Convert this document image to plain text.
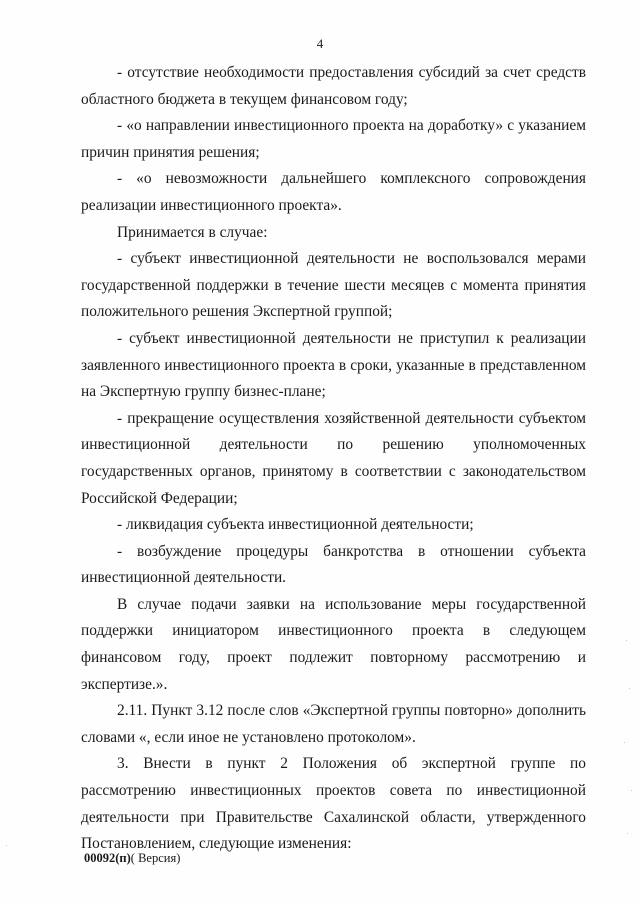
4

- отсутствие необходимости предоставления субсидий за счет средств областного бюджета в текущем финансовом году;

- «о направлении инвестиционного проекта на доработку» с указанием причин принятия решения;

- «о невозможности дальнейшего комплексного сопровождения реализации инвестиционного проекта».

Принимается в случае:

- субъект инвестиционной деятельности не воспользовался мерами государственной поддержки в течение шести месяцев с момента принятия положительного решения Экспертной группой;

- субъект инвестиционной деятельности не приступил к реализации заявленного инвестиционного проекта в сроки, указанные в представленном на Экспертную группу бизнес-плане;

- прекращение осуществления хозяйственной деятельности субъектом инвестиционной деятельности по решению уполномоченных государственных органов, принятому в соответствии с законодательством Российской Федерации;

- ликвидация субъекта инвестиционной деятельности;

- возбуждение процедуры банкротства в отношении субъекта инвестиционной деятельности.

В случае подачи заявки на использование меры государственной поддержки инициатором инвестиционного проекта в следующем финансовом году, проект подлежит повторному рассмотрению и экспертизе.».

2.11. Пункт 3.12 после слов «Экспертной группы повторно» дополнить словами «, если иное не установлено протоколом».

3. Внести в пункт 2 Положения об экспертной группе по рассмотрению инвестиционных проектов совета по инвестиционной деятельности при Правительстве Сахалинской области, утвержденного Постановлением, следующие изменения:

00092(п)( Версия)
